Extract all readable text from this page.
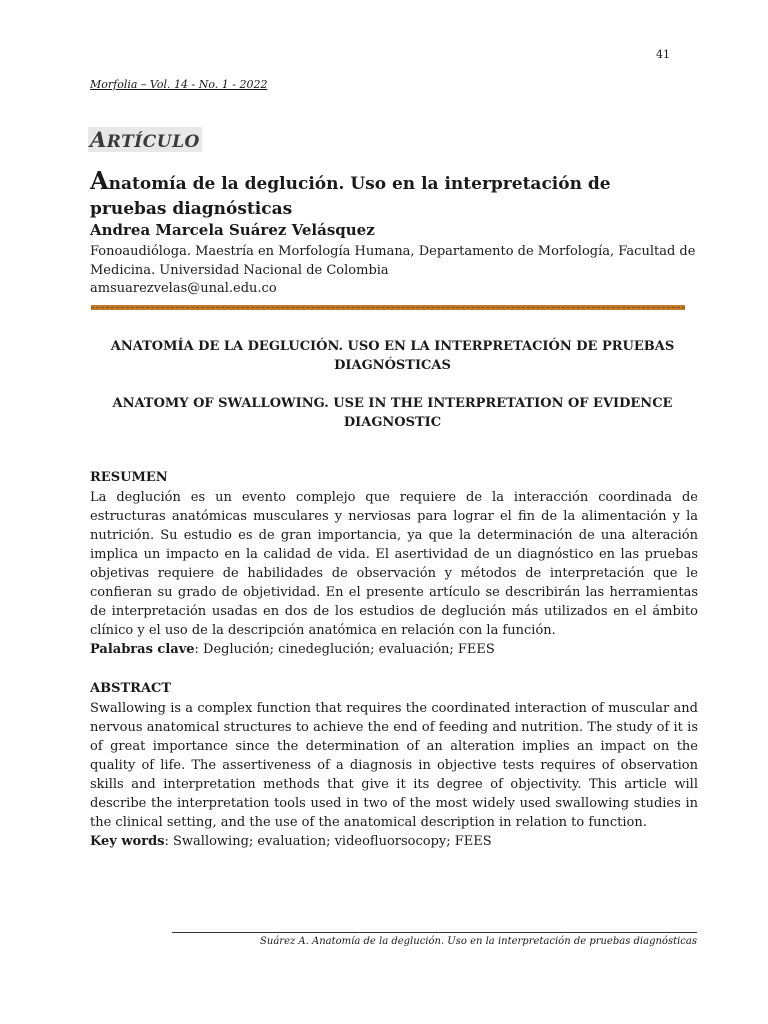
41
Morfolia – Vol. 14 - No. 1 - 2022
ARTÍCULO
Anatomía de la deglución. Uso en la interpretación de pruebas diagnósticas
Andrea Marcela Suárez Velásquez
Fonoaudióloga. Maestría en Morfología Humana, Departamento de Morfología, Facultad de Medicina. Universidad Nacional de Colombia
amsuarezvelas@unal.edu.co
ANATOMÍA DE LA DEGLUCIÓN. USO EN LA INTERPRETACIÓN DE PRUEBAS DIAGNÓSTICAS
ANATOMY OF SWALLOWING. USE IN THE INTERPRETATION OF EVIDENCE DIAGNOSTIC
RESUMEN
La deglución es un evento complejo que requiere de la interacción coordinada de estructuras anatómicas musculares y nerviosas para lograr el fin de la alimentación y la nutrición. Su estudio es de gran importancia, ya que la determinación de una alteración implica un impacto en la calidad de vida. El asertividad de un diagnóstico en las pruebas objetivas requiere de habilidades de observación y métodos de interpretación que le confieran su grado de objetividad. En el presente artículo se describirán las herramientas de interpretación usadas en dos de los estudios de deglución más utilizados en el ámbito clínico y el uso de la descripción anatómica en relación con la función.
Palabras clave: Deglución; cinedeglución; evaluación; FEES
ABSTRACT
Swallowing is a complex function that requires the coordinated interaction of muscular and nervous anatomical structures to achieve the end of feeding and nutrition. The study of it is of great importance since the determination of an alteration implies an impact on the quality of life. The assertiveness of a diagnosis in objective tests requires of observation skills and interpretation methods that give it its degree of objectivity. This article will describe the interpretation tools used in two of the most widely used swallowing studies in the clinical setting, and the use of the anatomical description in relation to function.
Key words: Swallowing; evaluation; videofluorsocopy; FEES
Suárez A. Anatomía de la deglución. Uso en la interpretación de pruebas diagnósticas
